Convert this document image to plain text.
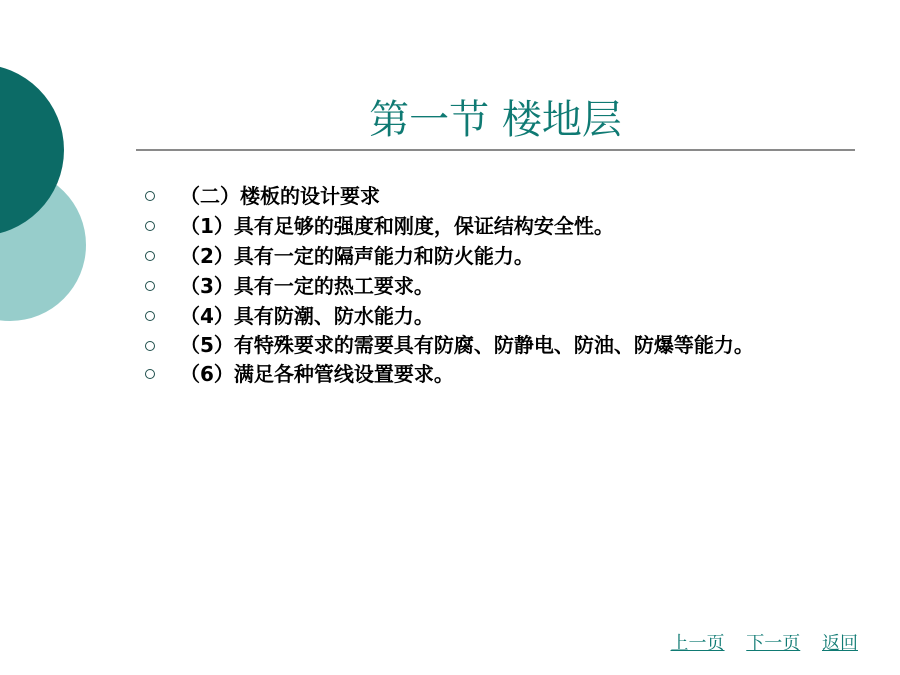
第一节 楼地层
（二）楼板的设计要求
（1）具有足够的强度和刚度，保证结构安全性。
（2）具有一定的隔声能力和防火能力。
（3）具有一定的热工要求。
（4）具有防潮、防水能力。
（5）有特殊要求的需要具有防腐、防静电、防油、防爆等能力。
（6）满足各种管线设置要求。
上一页 下一页 返回
